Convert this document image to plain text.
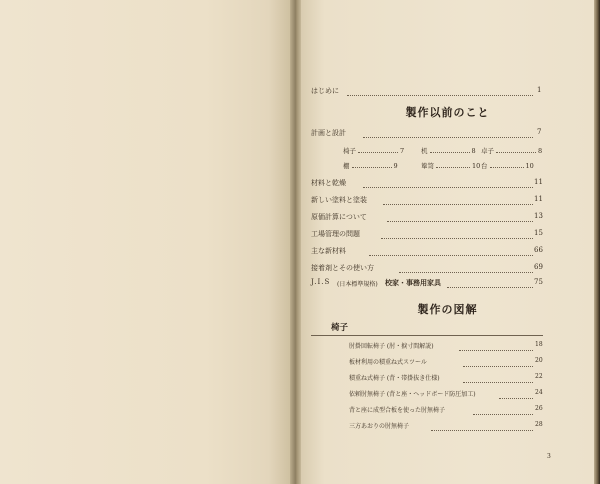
はじめに	1
製作以前のこと
計画と設計	7
椅子	7	机	8 卓子	8
棚	9	簞笥	10 台	10
材料と乾燥	11
新しい塗料と塗装	11
原価計算について	13
工場管理の問題	15
主な新材料	66
接着剤とその使い方	69
J.I.S (日本標準規格) 校家・事務用家具	75
製作の図解
椅子
肘掛回転椅子 (肘・捩寸間解説)	18
板材利用の積重ね式スツール	20
積重ね式椅子 (背・帯掛抜き仕様)	22
依頼肘無椅子 (背と座・ヘッドボード防圧加工)	24
背と座に成型合板を使った肘無椅子	26
三方あおりの肘無椅子	28
3
